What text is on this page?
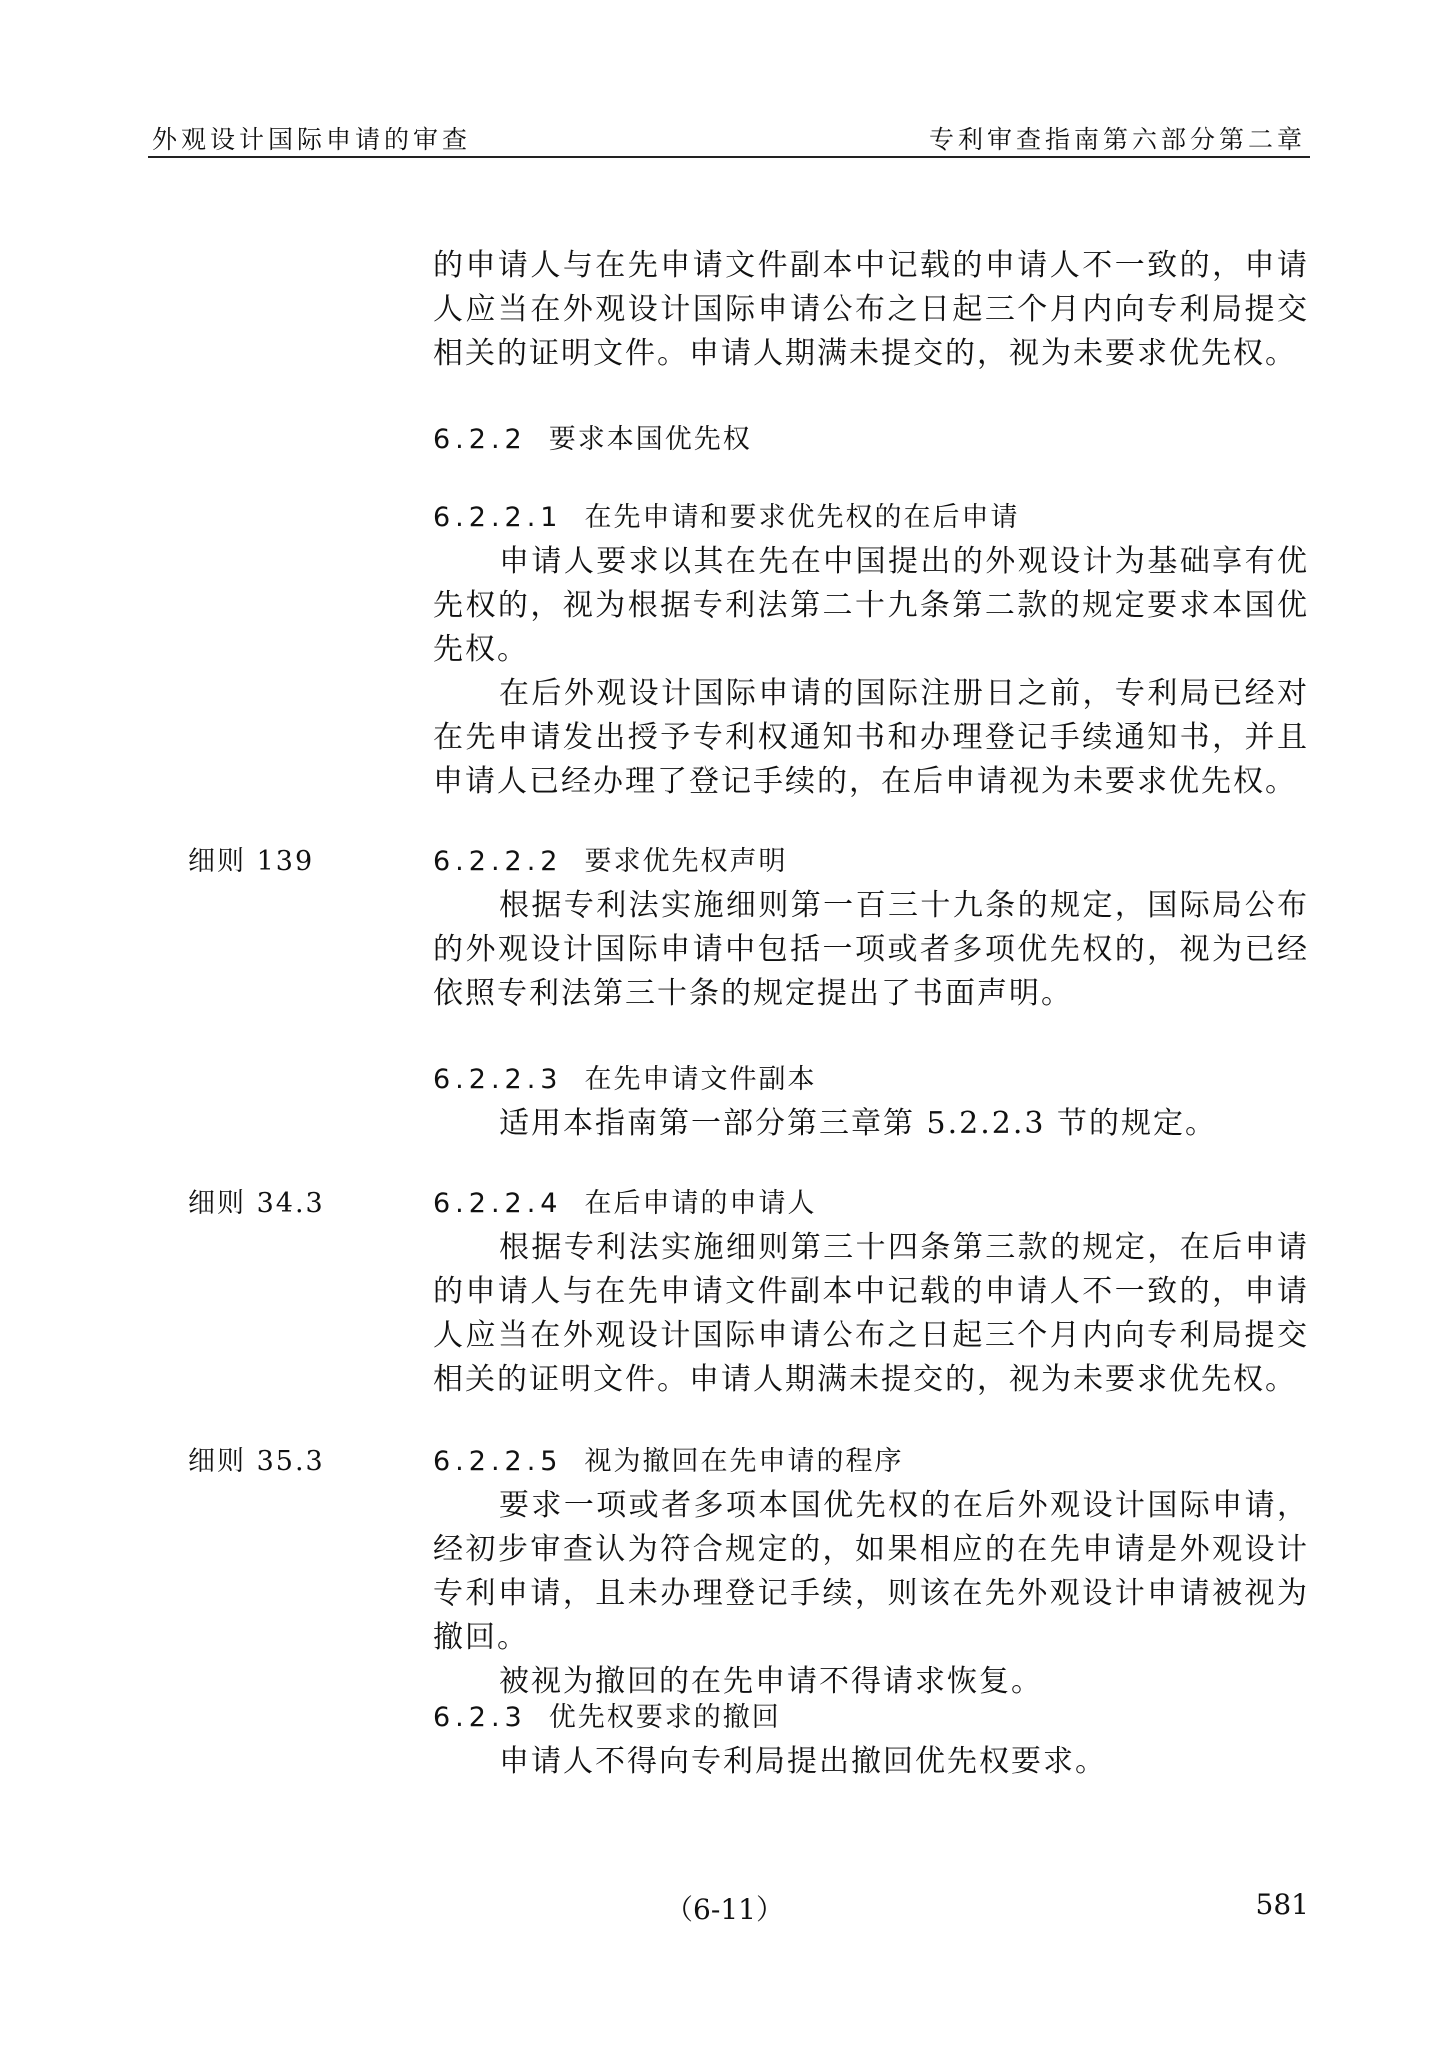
外观设计国际申请的审查	专利审查指南第六部分第二章

的申请人与在先申请文件副本中记载的申请人不一致的，申请人应当在外观设计国际申请公布之日起三个月内向专利局提交相关的证明文件。申请人期满未提交的，视为未要求优先权。

6.2.2 要求本国优先权

6.2.2.1 在先申请和要求优先权的在后申请

申请人要求以其在先在中国提出的外观设计为基础享有优先权的，视为根据专利法第二十九条第二款的规定要求本国优先权。

在后外观设计国际申请的国际注册日之前，专利局已经对在先申请发出授予专利权通知书和办理登记手续通知书，并且申请人已经办理了登记手续的，在后申请视为未要求优先权。

细则 139	6.2.2.2 要求优先权声明

根据专利法实施细则第一百三十九条的规定，国际局公布的外观设计国际申请中包括一项或者多项优先权的，视为已经依照专利法第三十条的规定提出了书面声明。

6.2.2.3 在先申请文件副本

适用本指南第一部分第三章第 5.2.2.3 节的规定。

细则 34.3	6.2.2.4 在后申请的申请人

根据专利法实施细则第三十四条第三款的规定，在后申请的申请人与在先申请文件副本中记载的申请人不一致的，申请人应当在外观设计国际申请公布之日起三个月内向专利局提交相关的证明文件。申请人期满未提交的，视为未要求优先权。

细则 35.3	6.2.2.5 视为撤回在先申请的程序

要求一项或者多项本国优先权的在后外观设计国际申请，经初步审查认为符合规定的，如果相应的在先申请是外观设计专利申请，且未办理登记手续，则该在先外观设计申请被视为撤回。

被视为撤回的在先申请不得请求恢复。

6.2.3 优先权要求的撤回

申请人不得向专利局提出撤回优先权要求。

（6-11）	581
